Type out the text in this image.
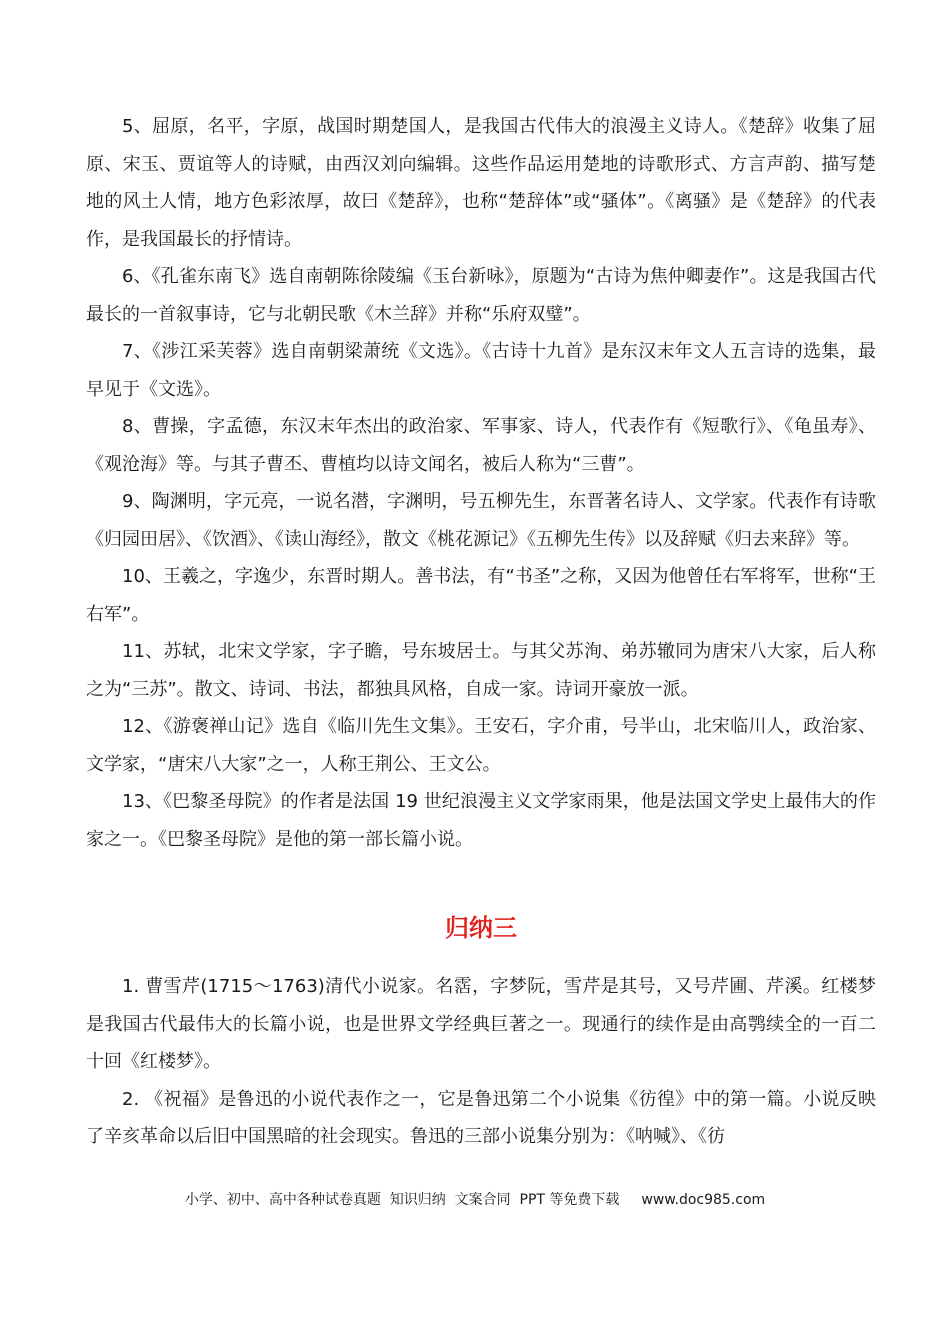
5、屈原，名平，字原，战国时期楚国人，是我国古代伟大的浪漫主义诗人。《楚辞》收集了屈原、宋玉、贾谊等人的诗赋，由西汉刘向编辑。这些作品运用楚地的诗歌形式、方言声韵、描写楚地的风土人情，地方色彩浓厚，故曰《楚辞》，也称“楚辞体”或“骚体”。《离骚》是《楚辞》的代表作，是我国最长的抒情诗。

6、《孔雀东南飞》选自南朝陈徐陵编《玉台新咏》，原题为“古诗为焦仲卿妻作”。这是我国古代最长的一首叙事诗，它与北朝民歌《木兰辞》并称“乐府双璧”。

7、《涉江采芙蓉》选自南朝梁萧统《文选》。《古诗十九首》是东汉末年文人五言诗的选集，最早见于《文选》。

8、曹操，字孟德，东汉末年杰出的政治家、军事家、诗人，代表作有《短歌行》、《龟虽寿》、《观沧海》等。与其子曹丕、曹植均以诗文闻名，被后人称为“三曹”。

9、陶渊明，字元亮，一说名潜，字渊明，号五柳先生，东晋著名诗人、文学家。代表作有诗歌《归园田居》、《饮酒》、《读山海经》，散文《桃花源记》《五柳先生传》以及辞赋《归去来辞》等。

10、王羲之，字逸少，东晋时期人。善书法，有“书圣”之称，又因为他曾任右军将军，世称“王右军”。

11、苏轼，北宋文学家，字子瞻，号东坡居士。与其父苏洵、弟苏辙同为唐宋八大家，后人称之为“三苏”。散文、诗词、书法，都独具风格，自成一家。诗词开豪放一派。

12、《游褒禅山记》选自《临川先生文集》。王安石，字介甫，号半山，北宋临川人，政治家、文学家，“唐宋八大家”之一，人称王荆公、王文公。

13、《巴黎圣母院》的作者是法国 19 世纪浪漫主义文学家雨果，他是法国文学史上最伟大的作家之一。《巴黎圣母院》是他的第一部长篇小说。

归纳三

1. 曹雪芹(1715～1763)清代小说家。名霑，字梦阮，雪芹是其号，又号芹圃、芹溪。红楼梦是我国古代最伟大的长篇小说，也是世界文学经典巨著之一。现通行的续作是由高鹗续全的一百二十回《红楼梦》。

2. 《祝福》是鲁迅的小说代表作之一，它是鲁迅第二个小说集《彷徨》中的第一篇。小说反映了辛亥革命以后旧中国黑暗的社会现实。鲁迅的三部小说集分别为：《呐喊》、《彷

小学、初中、高中各种试卷真题  知识归纳  文案合同  PPT 等免费下载 www.doc985.com
